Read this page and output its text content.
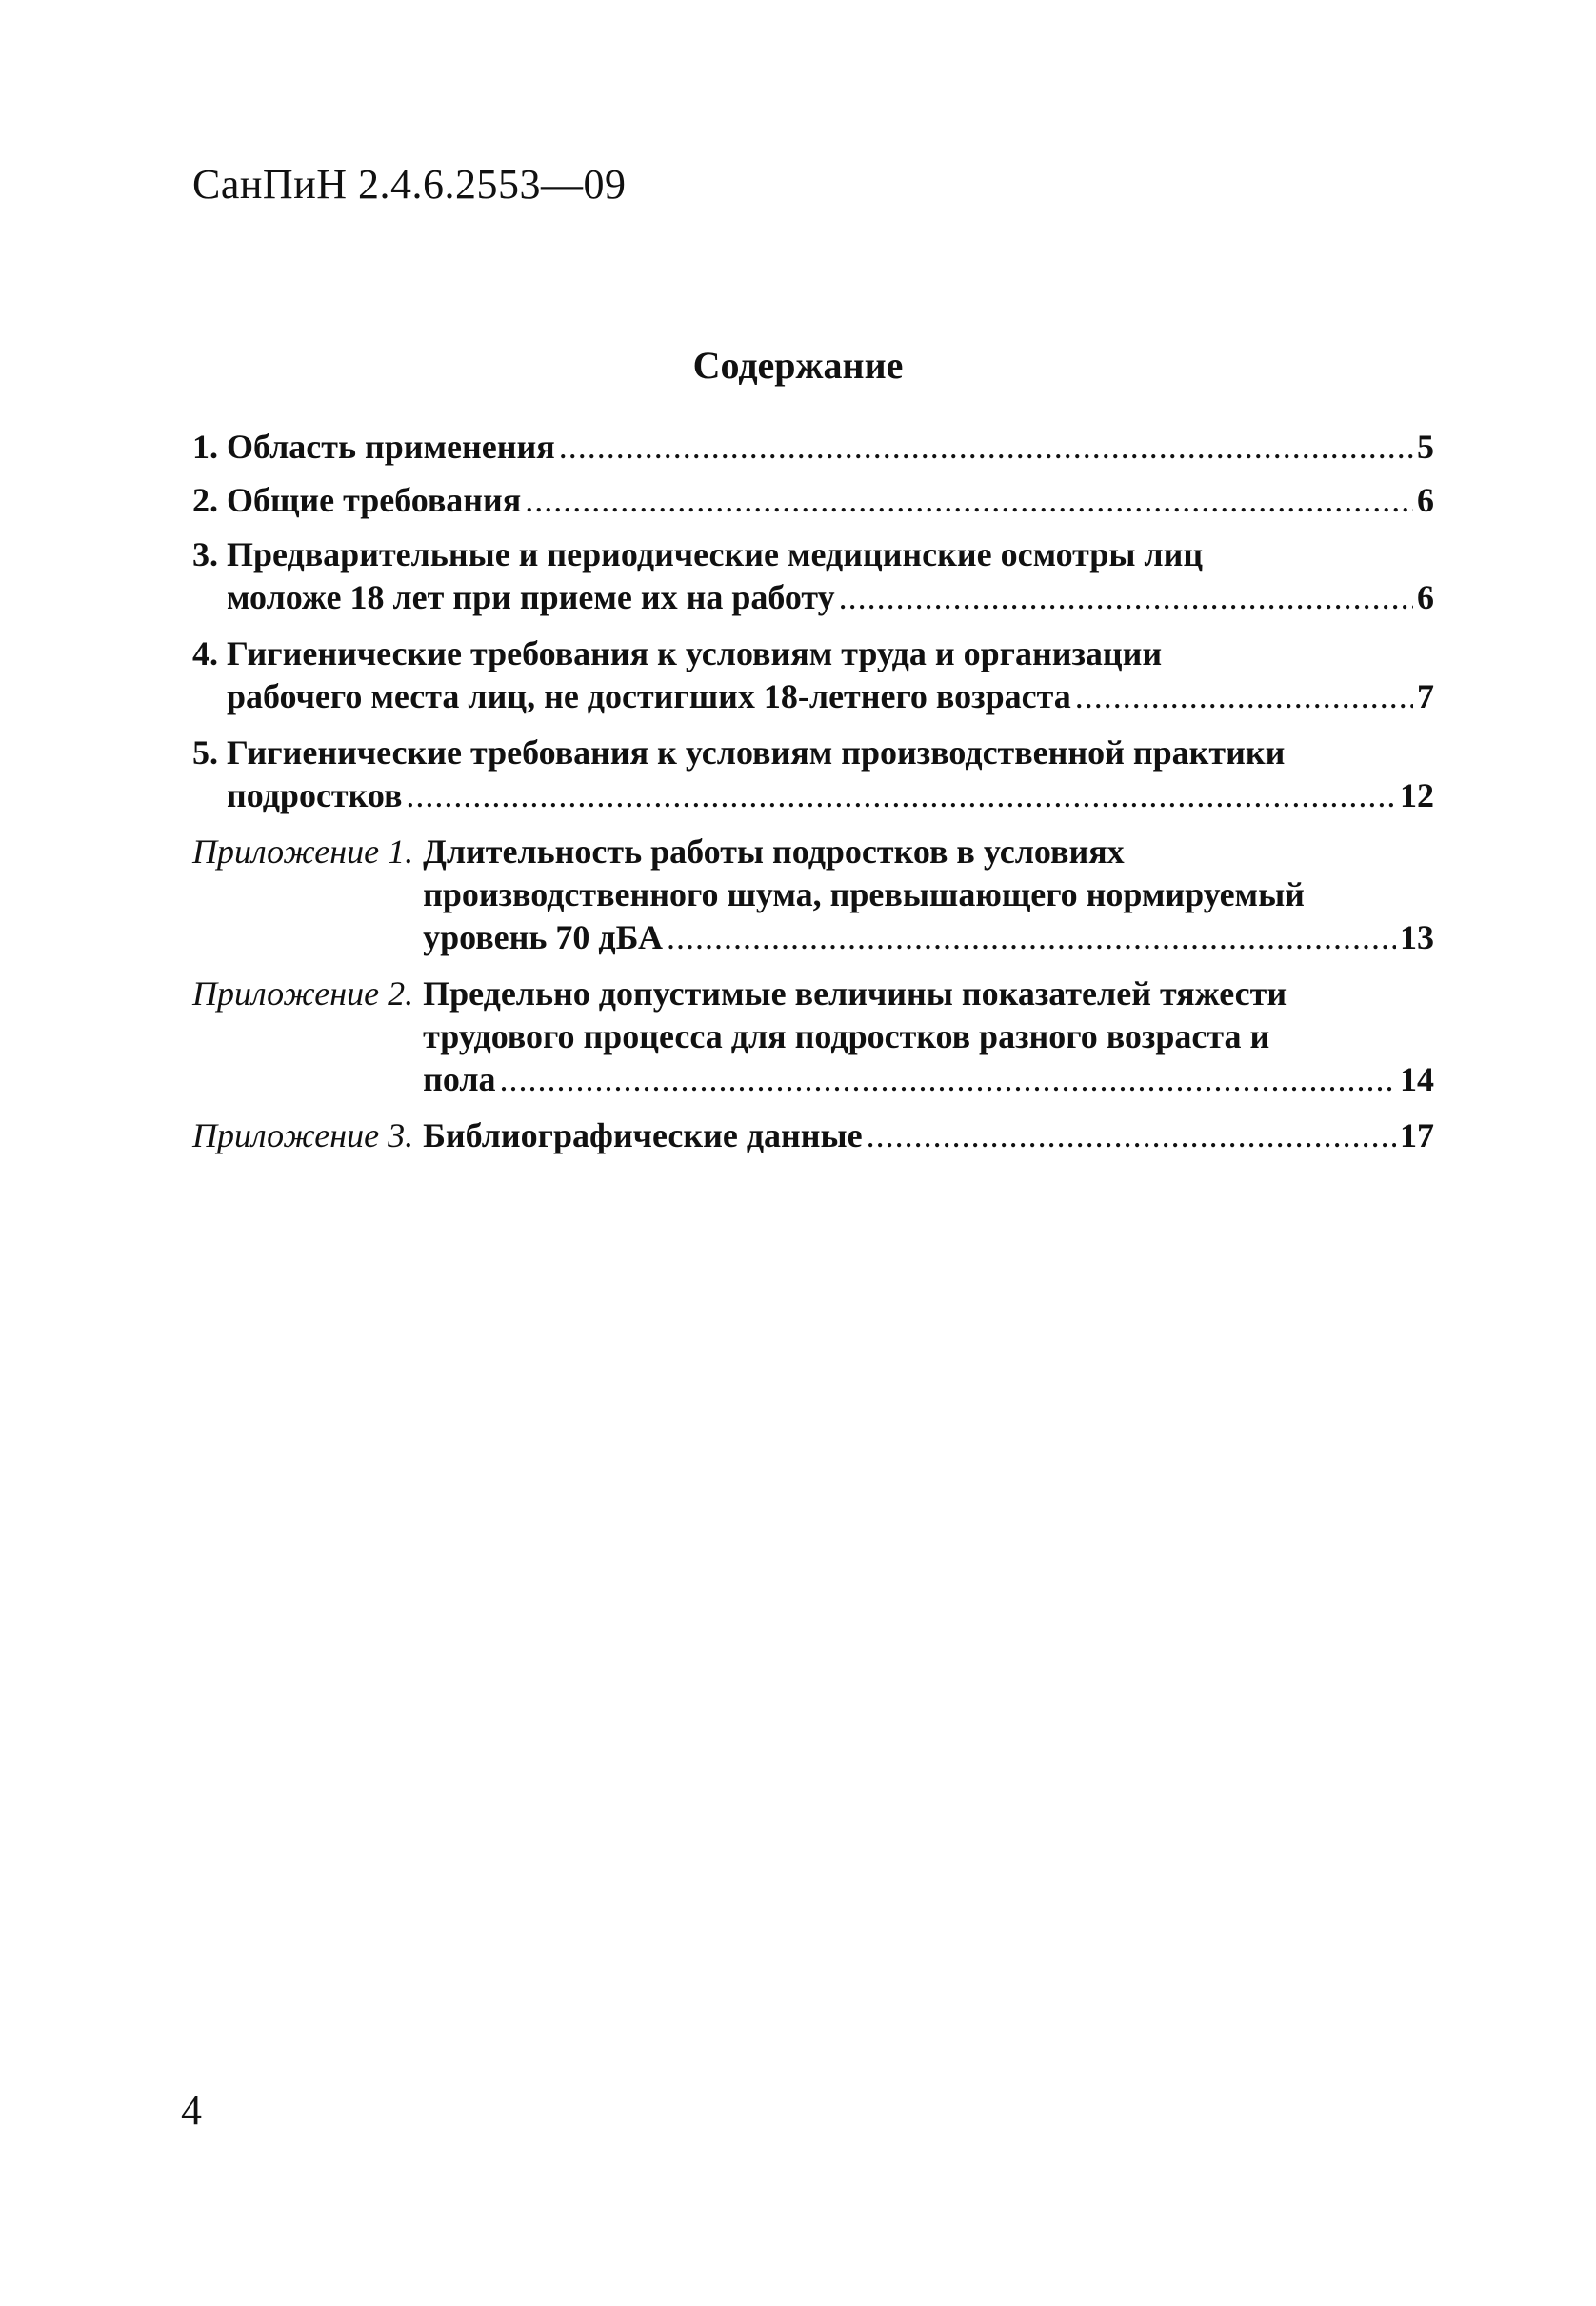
СанПиН 2.4.6.2553—09
Содержание
1. Область применения .....	5
2. Общие требования .....	6
3. Предварительные и периодические медицинские осмотры лиц
моложе 18 лет при приеме их на работу .....	6
4. Гигиенические требования к условиям труда и организации
рабочего места лиц, не достигших 18-летнего возраста .....	7
5. Гигиенические требования к условиям производственной практики
подростков .....	12
Приложение 1. Длительность работы подростков в условиях
производственного шума, превышающего нормируемый
уровень 70 дБА .....	13
Приложение 2. Предельно допустимые величины показателей тяжести
трудового процесса для подростков разного возраста и
пола .....	14
Приложение 3. Библиографические данные .....	17
4
